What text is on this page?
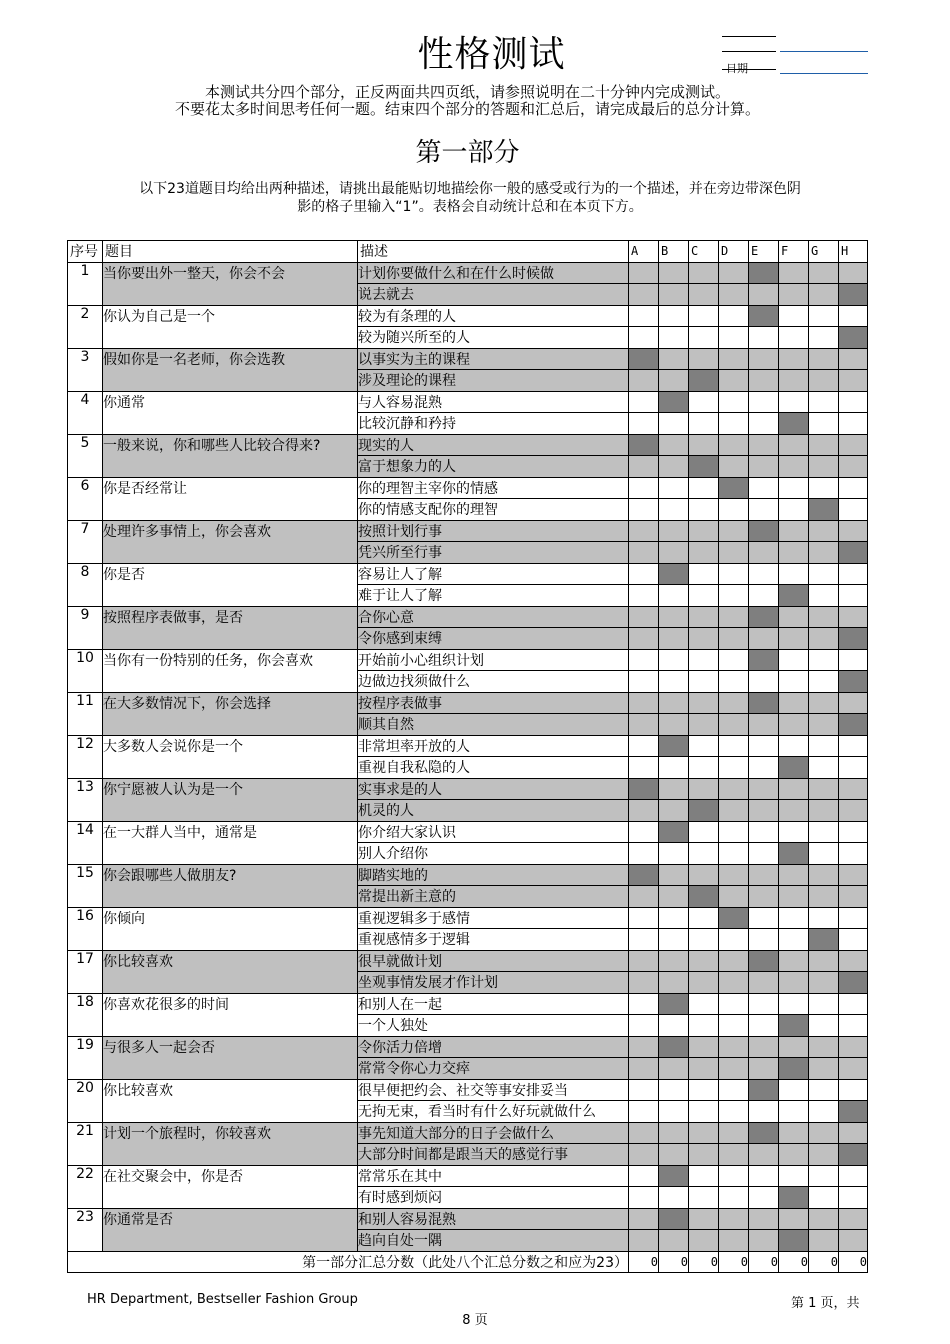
性格测试	日期
本测试共分四个部分，正反两面共四页纸，请参照说明在二十分钟内完成测试。
不要花太多时间思考任何一题。结束四个部分的答题和汇总后，请完成最后的总分计算。
第一部分
以下23道题目均给出两种描述，请挑出最能贴切地描绘你一般的感受或行为的一个描述，并在旁边带深色阴
影的格子里输入“1”。表格会自动统计总和在本页下方。
序号	题目	描述	A	B	C	D	E	F	G	H
1	当你要出外一整天，你会不会	计划你要做什么和在什么时候做								
		说去就去								
2	你认为自己是一个	较为有条理的人								
		较为随兴所至的人								
3	假如你是一名老师，你会选教	以事实为主的课程								
		涉及理论的课程								
4	你通常	与人容易混熟								
		比较沉静和矜持								
5	一般来说，你和哪些人比较合得来?	现实的人								
		富于想象力的人								
6	你是否经常让	你的理智主宰你的情感								
		你的情感支配你的理智								
7	处理许多事情上，你会喜欢	按照计划行事								
		凭兴所至行事								
8	你是否	容易让人了解								
		难于让人了解								
9	按照程序表做事，是否	合你心意								
		令你感到束缚								
10	当你有一份特别的任务，你会喜欢	开始前小心组织计划								
		边做边找须做什么								
11	在大多数情况下，你会选择	按程序表做事								
		顺其自然								
12	大多数人会说你是一个	非常坦率开放的人								
		重视自我私隐的人								
13	你宁愿被人认为是一个	实事求是的人								
		机灵的人								
14	在一大群人当中，通常是	你介绍大家认识								
		别人介绍你								
15	你会跟哪些人做朋友?	脚踏实地的								
		常提出新主意的								
16	你倾向	重视逻辑多于感情								
		重视感情多于逻辑								
17	你比较喜欢	很早就做计划								
		坐观事情发展才作计划								
18	你喜欢花很多的时间	和别人在一起								
		一个人独处								
19	与很多人一起会否	令你活力倍增								
		常常令你心力交瘁								
20	你比较喜欢	很早便把约会、社交等事安排妥当								
		无拘无束，看当时有什么好玩就做什么								
21	计划一个旅程时，你较喜欢	事先知道大部分的日子会做什么								
		大部分时间都是跟当天的感觉行事								
22	在社交聚会中，你是否	常常乐在其中								
		有时感到烦闷								
23	你通常是否	和别人容易混熟								
		趋向自处一隅								
第一部分汇总分数（此处八个汇总分数之和应为23）			0	0	0	0	0	0	0	0
HR Department, Bestseller Fashion Group	第 1 页，共
8 页
